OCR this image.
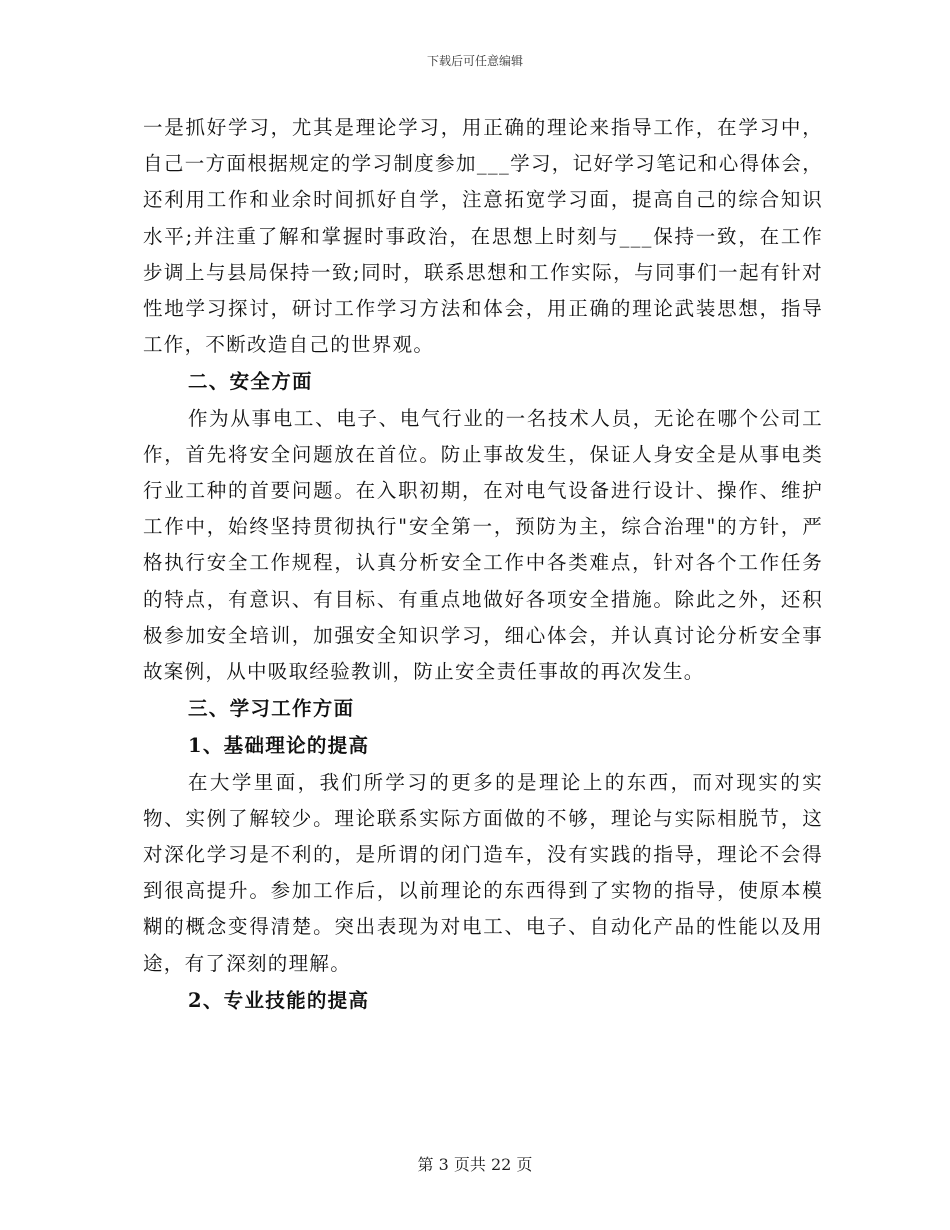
下载后可任意编辑

一是抓好学习，尤其是理论学习，用正确的理论来指导工作，在学习中，自己一方面根据规定的学习制度参加___学习，记好学习笔记和心得体会，还利用工作和业余时间抓好自学，注意拓宽学习面，提高自己的综合知识水平;并注重了解和掌握时事政治，在思想上时刻与___保持一致，在工作步调上与县局保持一致;同时，联系思想和工作实际，与同事们一起有针对性地学习探讨，研讨工作学习方法和体会，用正确的理论武装思想，指导工作，不断改造自己的世界观。

二、安全方面

作为从事电工、电子、电气行业的一名技术人员，无论在哪个公司工作，首先将安全问题放在首位。防止事故发生，保证人身安全是从事电类行业工种的首要问题。在入职初期，在对电气设备进行设计、操作、维护工作中，始终坚持贯彻执行"安全第一，预防为主，综合治理"的方针，严格执行安全工作规程，认真分析安全工作中各类难点，针对各个工作任务的特点，有意识、有目标、有重点地做好各项安全措施。除此之外，还积极参加安全培训，加强安全知识学习，细心体会，并认真讨论分析安全事故案例，从中吸取经验教训，防止安全责任事故的再次发生。

三、学习工作方面

1、基础理论的提高

在大学里面，我们所学习的更多的是理论上的东西，而对现实的实物、实例了解较少。理论联系实际方面做的不够，理论与实际相脱节，这对深化学习是不利的，是所谓的闭门造车，没有实践的指导，理论不会得到很高提升。参加工作后，以前理论的东西得到了实物的指导，使原本模糊的概念变得清楚。突出表现为对电工、电子、自动化产品的性能以及用途，有了深刻的理解。

2、专业技能的提高

第 3 页共 22 页
